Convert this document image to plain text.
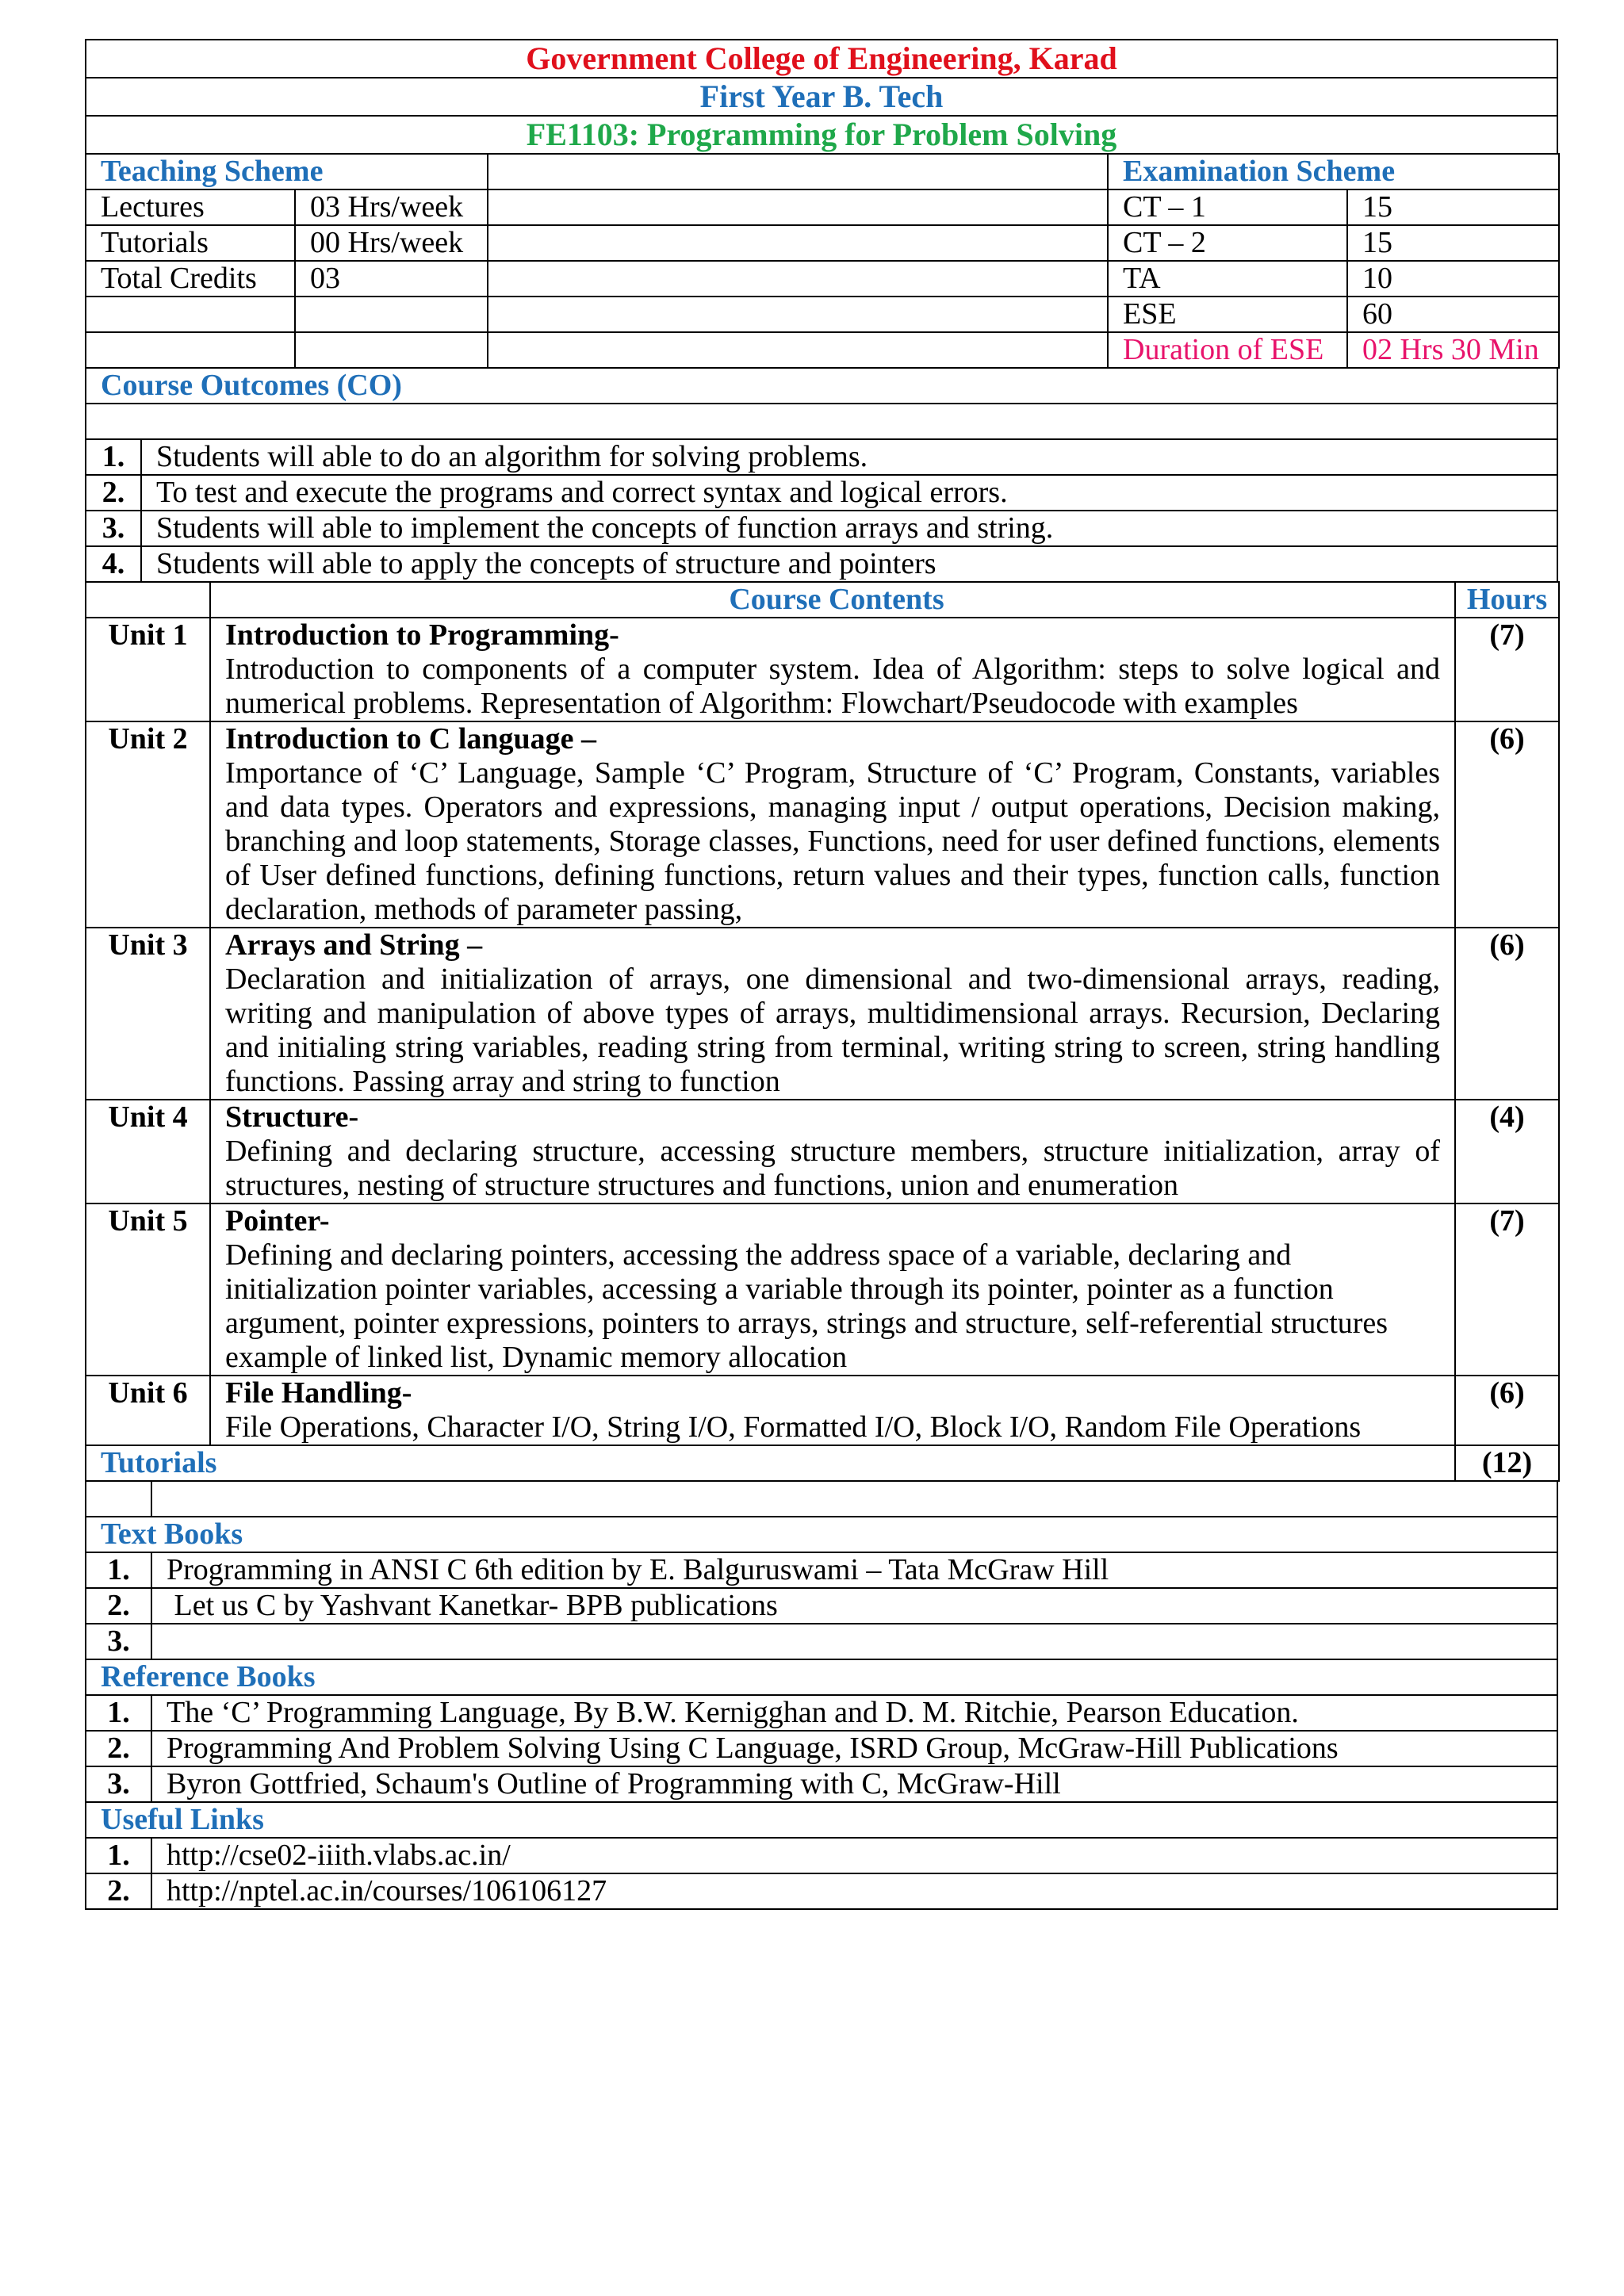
Government College of Engineering, Karad
First Year B. Tech
FE1103: Programming for Problem Solving
Teaching Scheme			Examination Scheme	
Lectures	03 Hrs/week		CT – 1	15
Tutorials	00 Hrs/week		CT – 2	15
Total Credits	03		TA	10
			ESE	60
			Duration of ESE	02 Hrs 30 Min
Course Outcomes (CO)	

1.	Students will able to do an algorithm for solving problems.
2.	To test and execute the programs and correct syntax and logical errors.
3.	Students will able to implement the concepts of function arrays and string.
4.	Students will able to apply the concepts of structure and pointers
	Course Contents	Hours
Unit 1	Introduction to Programming-
Introduction to components of a computer system. Idea of Algorithm: steps to solve logical and numerical problems. Representation of Algorithm: Flowchart/Pseudocode with examples	(7)
Unit 2	Introduction to C language –
Importance of ‘C’ Language, Sample ‘C’ Program, Structure of ‘C’ Program, Constants, variables and data types. Operators and expressions, managing input / output operations, Decision making, branching and loop statements, Storage classes, Functions, need for user defined functions, elements of User defined functions, defining functions, return values and their types, function calls, function declaration, methods of parameter passing,	(6)
Unit 3	Arrays and String –
Declaration and initialization of arrays, one dimensional and two-dimensional arrays, reading, writing and manipulation of above types of arrays, multidimensional arrays. Recursion, Declaring and initialing string variables, reading string from terminal, writing string to screen, string handling functions. Passing array and string to function	(6)
Unit 4	Structure-
Defining and declaring structure, accessing structure members, structure initialization, array of structures, nesting of structure structures and functions, union and enumeration	(4)
Unit 5	Pointer-
Defining and declaring pointers, accessing the address space of a variable, declaring and initialization pointer variables, accessing a variable through its pointer, pointer as a function argument, pointer expressions, pointers to arrays, strings and structure, self-referential structures example of linked list, Dynamic memory allocation	(7)
Unit 6	File Handling-
File Operations, Character I/O, String I/O, Formatted I/O, Block I/O, Random File Operations	(6)
Tutorials		(12)

Text Books	
1.	Programming in ANSI C 6th edition by E. Balguruswami – Tata McGraw Hill
2.	Let us C by Yashvant Kanetkar- BPB publications
3.	
Reference Books	
1.	The ‘C’ Programming Language, By B.W. Kernigghan and D. M. Ritchie, Pearson Education.
2.	Programming And Problem Solving Using C Language, ISRD Group, McGraw-Hill Publications
3.	Byron Gottfried, Schaum's Outline of Programming with C, McGraw-Hill
Useful Links	
1.	http://cse02-iiith.vlabs.ac.in/
2.	http://nptel.ac.in/courses/106106127
